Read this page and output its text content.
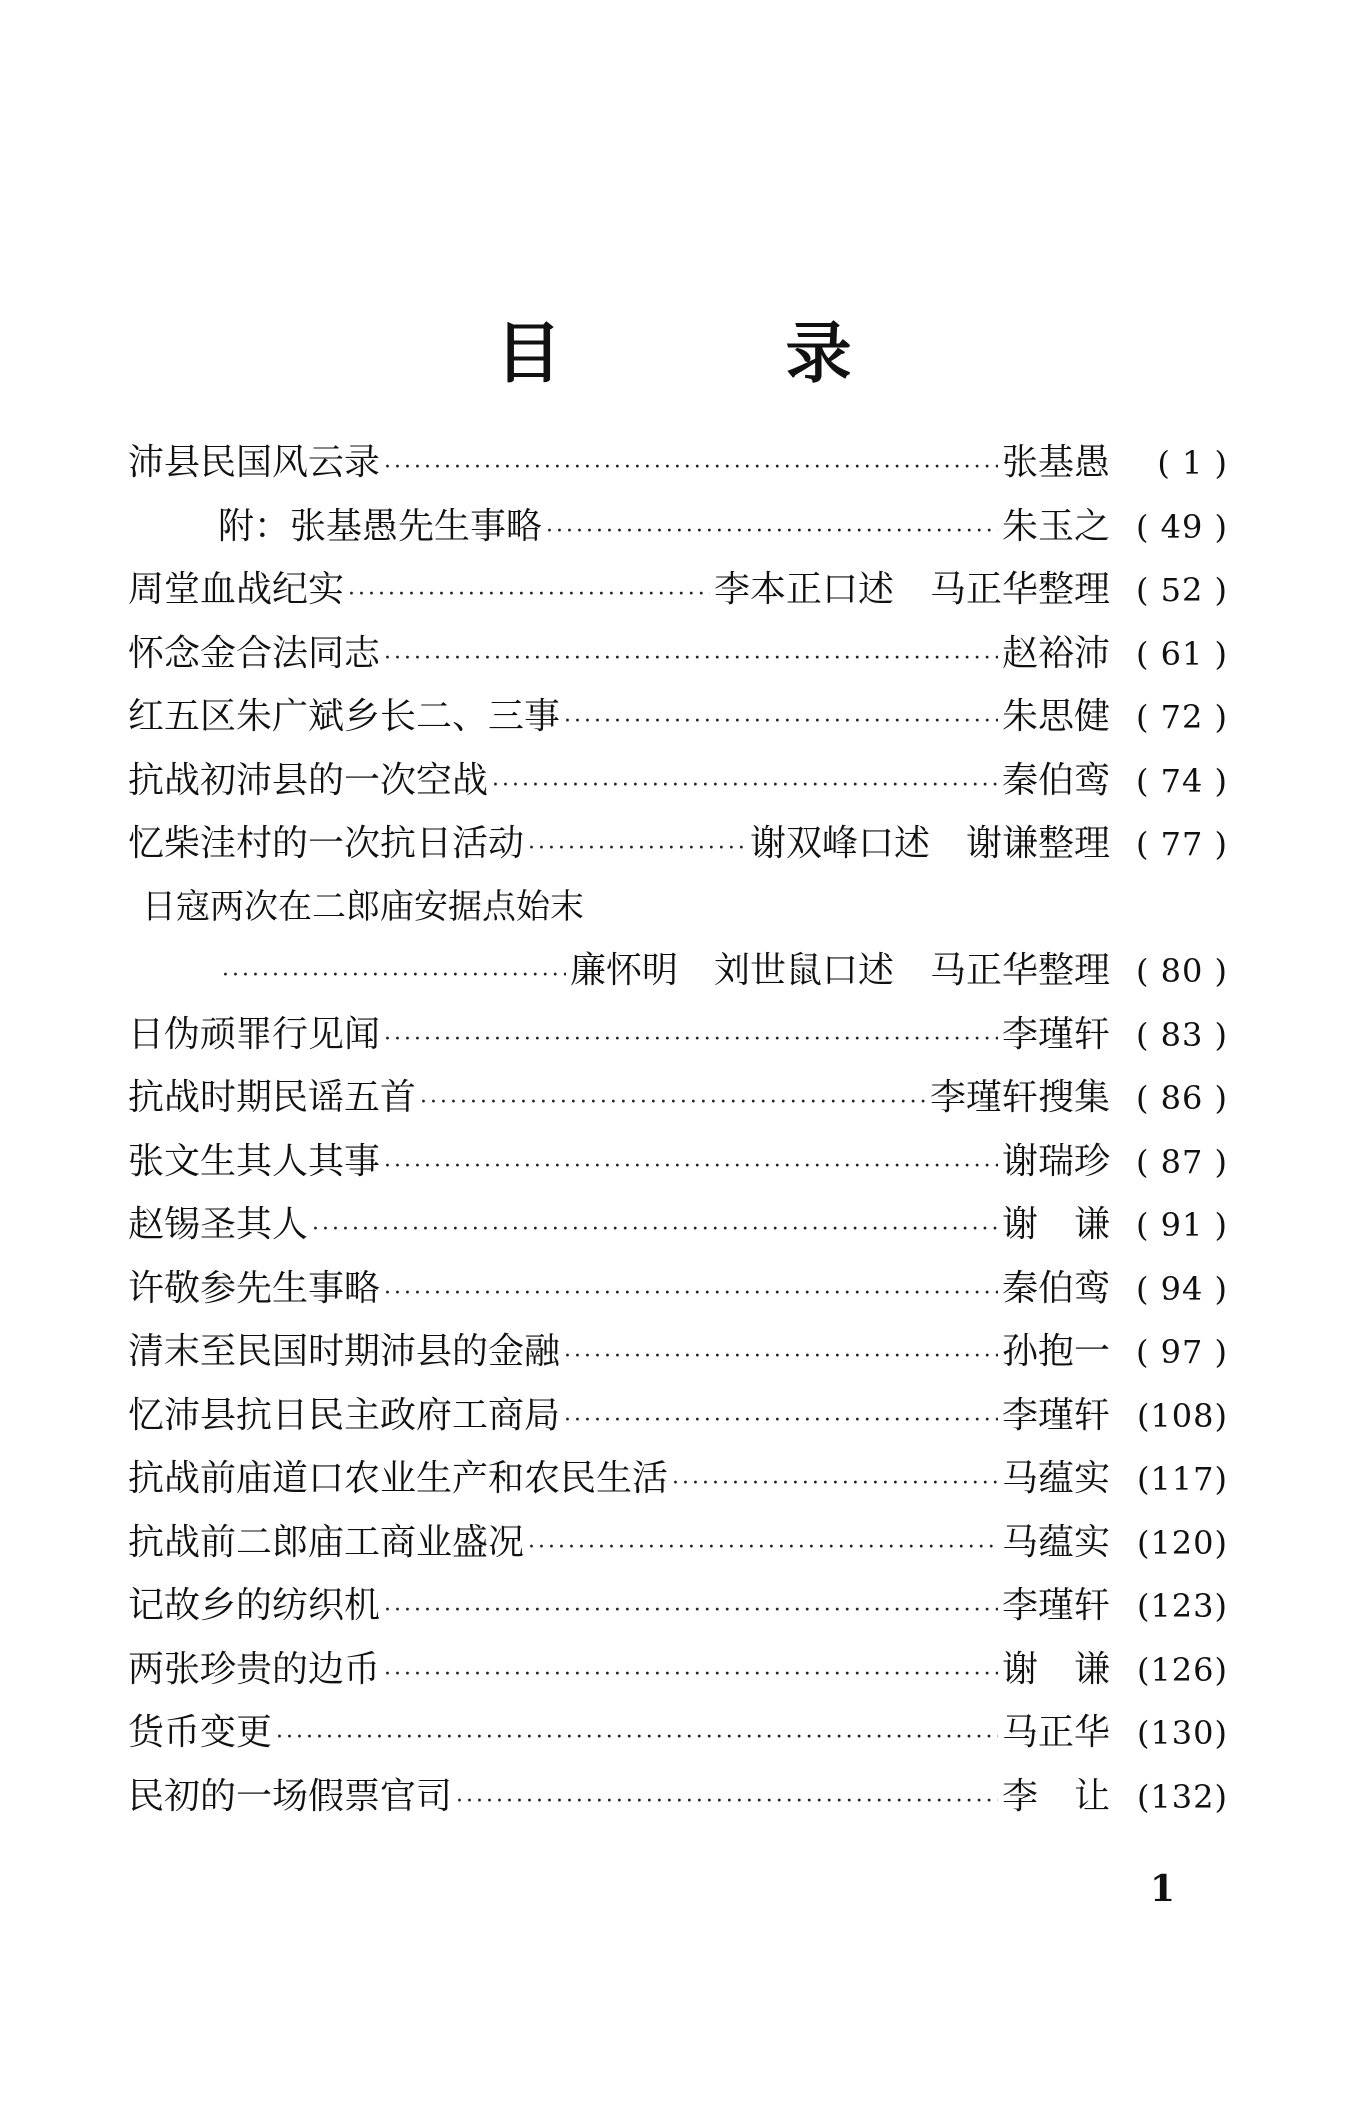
目	录
沛县民国风云录 ·····	张基愚	( 1 )
附：张基愚先生事略 ·····	朱玉之 ( 49 )
周堂血战纪实 ·····	李本正口述　马正华整理 ( 52 )
怀念金合法同志 ·····	赵裕沛 ( 61 )
红五区朱广斌乡长二、三事 ·····	朱思健 ( 72 )
抗战初沛县的一次空战 ·····	秦伯鸾 ( 74 )
忆柴洼村的一次抗日活动 ·····	谢双峰口述　谢谦整理 ( 77 )
日寇两次在二郎庙安据点始末
·····
廉怀明　刘世鼠口述　马正华整理 ( 80 )
日伪顽罪行见闻 ·····	李瑾轩 ( 83 )
抗战时期民谣五首 ·····	李瑾轩搜集 ( 86 )
张文生其人其事 ·····	谢瑞珍 ( 87 )
赵锡圣其人 ·····	谢　谦 ( 91 )
许敬参先生事略 ·····	秦伯鸾 ( 94 )
清末至民国时期沛县的金融 ·····	孙抱一 ( 97 )
忆沛县抗日民主政府工商局 ·····	李瑾轩 (108)
抗战前庙道口农业生产和农民生活 ·····	马蕴实 (117)
抗战前二郎庙工商业盛况 ·····	马蕴实 (120)
记故乡的纺织机 ·····	李瑾轩 (123)
两张珍贵的边币 ·····	谢　谦 (126)
货币变更 ·····	马正华 (130)
民初的一场假票官司 ·····	李　让 (132)
1
